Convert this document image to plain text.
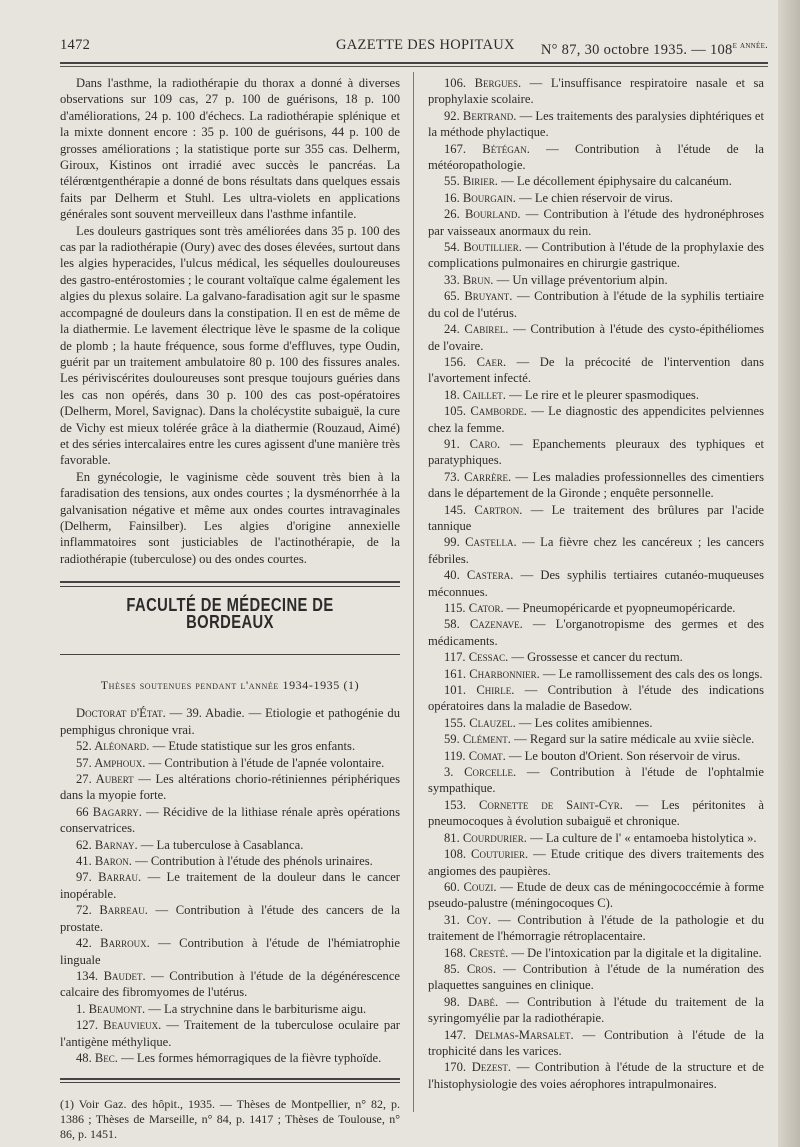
1472	GAZETTE DES HOPITAUX N° 87, 30 octobre 1935. — $108^{e année.}$

Dans l'asthme, la radiothérapie du thorax a donné à diverses observations sur 109 cas, 27 p. 100 de guérisons, 18 p. 100 d'améliorations, 24 p. 100 d'échecs. La radiothérapie splénique et la mixte donnent encore : 35 p. 100 de guérisons, 44 p. 100 de grosses améliorations ; la statistique porte sur 355 cas. Delherm, Giroux, Kistinos ont irradié avec succès le pancréas. La télérœntgenthérapie a donné de bons résultats dans quelques essais faits par Delherm et Stuhl. Les ultra-violets en applications générales sont souvent merveilleux dans l'asthme infantile.

Les douleurs gastriques sont très améliorées dans 35 p. 100 des cas par la radiothérapie (Oury) avec des doses élevées, surtout dans les algies hyperacides, l'ulcus médical, les séquelles douloureuses des gastro-entérostomies ; le courant voltaïque calme également les algies du plexus solaire. La galvano-faradisation agit sur le spasme accompagné de douleurs dans la constipation. Il en est de même de la diathermie. Le lavement électrique lève le spasme de la colique de plomb ; la haute fréquence, sous forme d'effluves, type Oudin, guérit par un traitement ambulatoire 80 p. 100 des fissures anales. Les périviscérites douloureuses sont presque toujours guéries dans les cas non opérés, dans 30 p. 100 des cas post-opératoires (Delherm, Morel, Savignac). Dans la cholécystite subaiguë, la cure de Vichy est mieux tolérée grâce à la diathermie (Rouzaud, Aimé) et des séries intercalaires entre les cures agissent d'une manière très favorable.

En gynécologie, le vaginisme cède souvent très bien à la faradisation des tensions, aux ondes courtes ; la dysménorrhée à la galvanisation négative et même aux ondes courtes intravaginales (Delherm, Fainsilber). Les algies d'origine annexielle inflammatoires sont justiciables de l'actinothérapie, de la radiothérapie (tuberculose) ou des ondes courtes.

FACULTÉ DE MÉDECINE DE BORDEAUX
Thèses soutenues pendant l'année 1934-1935 (1)

Doctorat d'État. — 39. Abadie. — Etiologie et pathogénie du pemphigus chronique vrai.

52. Aléonard. — Etude statistique sur les gros enfants.

57. Amphoux. — Contribution à l'étude de l'apnée volontaire.

27. Aubert — Les altérations chorio-rétiniennes périphériques dans la myopie forte.

66 Bagarry. — Récidive de la lithiase rénale après opérations conservatrices.

62. Barnay. — La tuberculose à Casablanca.

41. Baron. — Contribution à l'étude des phénols urinaires.

97. Barrau. — Le traitement de la douleur dans le cancer inopérable.

72. Barreau. — Contribution à l'étude des cancers de la prostate.

42. Barroux. — Contribution à l'étude de l'hémiatrophie linguale

134. Baudet. — Contribution à l'étude de la dégénérescence calcaire des fibromyomes de l'utérus.

1. Beaumont. — La strychnine dans le barbiturisme aigu.

127. Beauvieux. — Traitement de la tuberculose oculaire par l'antigène méthylique.

48. Bec. — Les formes hémorragiques de la fièvre typhoïde.

(1) Voir Gaz. des hôpit., 1935. — Thèses de Montpellier, n° 82, p. 1386 ; Thèses de Marseille, n° 84, p. 1417 ; Thèses de Toulouse, n° 86, p. 1451.

106. Bergues. — L'insuffisance respiratoire nasale et sa prophylaxie scolaire.

92. Bertrand. — Les traitements des paralysies diphtériques et la méthode phylactique.

167. Bétégan. — Contribution à l'étude de la météoropathologie.

55. Birier. — Le décollement épiphysaire du calcanéum.

16. Bourgain. — Le chien réservoir de virus.

26. Bourland. — Contribution à l'étude des hydronéphroses par vaisseaux anormaux du rein.

54. Boutillier. — Contribution à l'étude de la prophylaxie des complications pulmonaires en chirurgie gastrique.

33. Brun. — Un village préventorium alpin.

65. Bruyant. — Contribution à l'étude de la syphilis tertiaire du col de l'utérus.

24. Cabirel. — Contribution à l'étude des cysto-épithéliomes de l'ovaire.

156. Caer. — De la précocité de l'intervention dans l'avortement infecté.

18. Caillet. — Le rire et le pleurer spasmodiques.

105. Camborde. — Le diagnostic des appendicites pelviennes chez la femme.

91. Caro. — Epanchements pleuraux des typhiques et paratyphiques.

73. Carrère. — Les maladies professionnelles des cimentiers dans le département de la Gironde ; enquête personnelle.

145. Cartron. — Le traitement des brûlures par l'acide tannique

99. Castella. — La fièvre chez les cancéreux ; les cancers fébriles.

40. Castera. — Des syphilis tertiaires cutanéo-muqueuses méconnues.

115. Cator. — Pneumopéricarde et pyopneumopéricarde.

58. Cazenave. — L'organotropisme des germes et des médicaments.

117. Cessac. — Grossesse et cancer du rectum.

161. Charbonnier. — Le ramollissement des cals des os longs.

101. Chirle. — Contribution à l'étude des indications opératoires dans la maladie de Basedow.

155. Clauzel. — Les colites amibiennes.

59. Clément. — Regard sur la satire médicale au xviie siècle.

119. Comat. — Le bouton d'Orient. Son réservoir de virus.

3. Corcelle. — Contribution à l'étude de l'ophtalmie sympathique.

153. Cornette de Saint-Cyr. — Les péritonites à pneumocoques à évolution subaiguë et chronique.

81. Courdurier. — La culture de l' « entamoeba histolytica ».

108. Couturier. — Etude critique des divers traitements des angiomes des paupières.

60. Couzi. — Etude de deux cas de méningococcémie à forme pseudo-palustre (méningocoques C).

31. Coy. — Contribution à l'étude de la pathologie et du traitement de l'hémorragie rétroplacentaire.

168. Cresté. — De l'intoxication par la digitale et la digitaline.

85. Cros. — Contribution à l'étude de la numération des plaquettes sanguines en clinique.

98. Dabé. — Contribution à l'étude du traitement de la syringomyélie par la radiothérapie.

147. Delmas-Marsalet. — Contribution à l'étude de la trophicité dans les varices.

170. Dezest. — Contribution à l'étude de la structure et de l'histophysiologie des voies aérophores intrapulmonaires.
